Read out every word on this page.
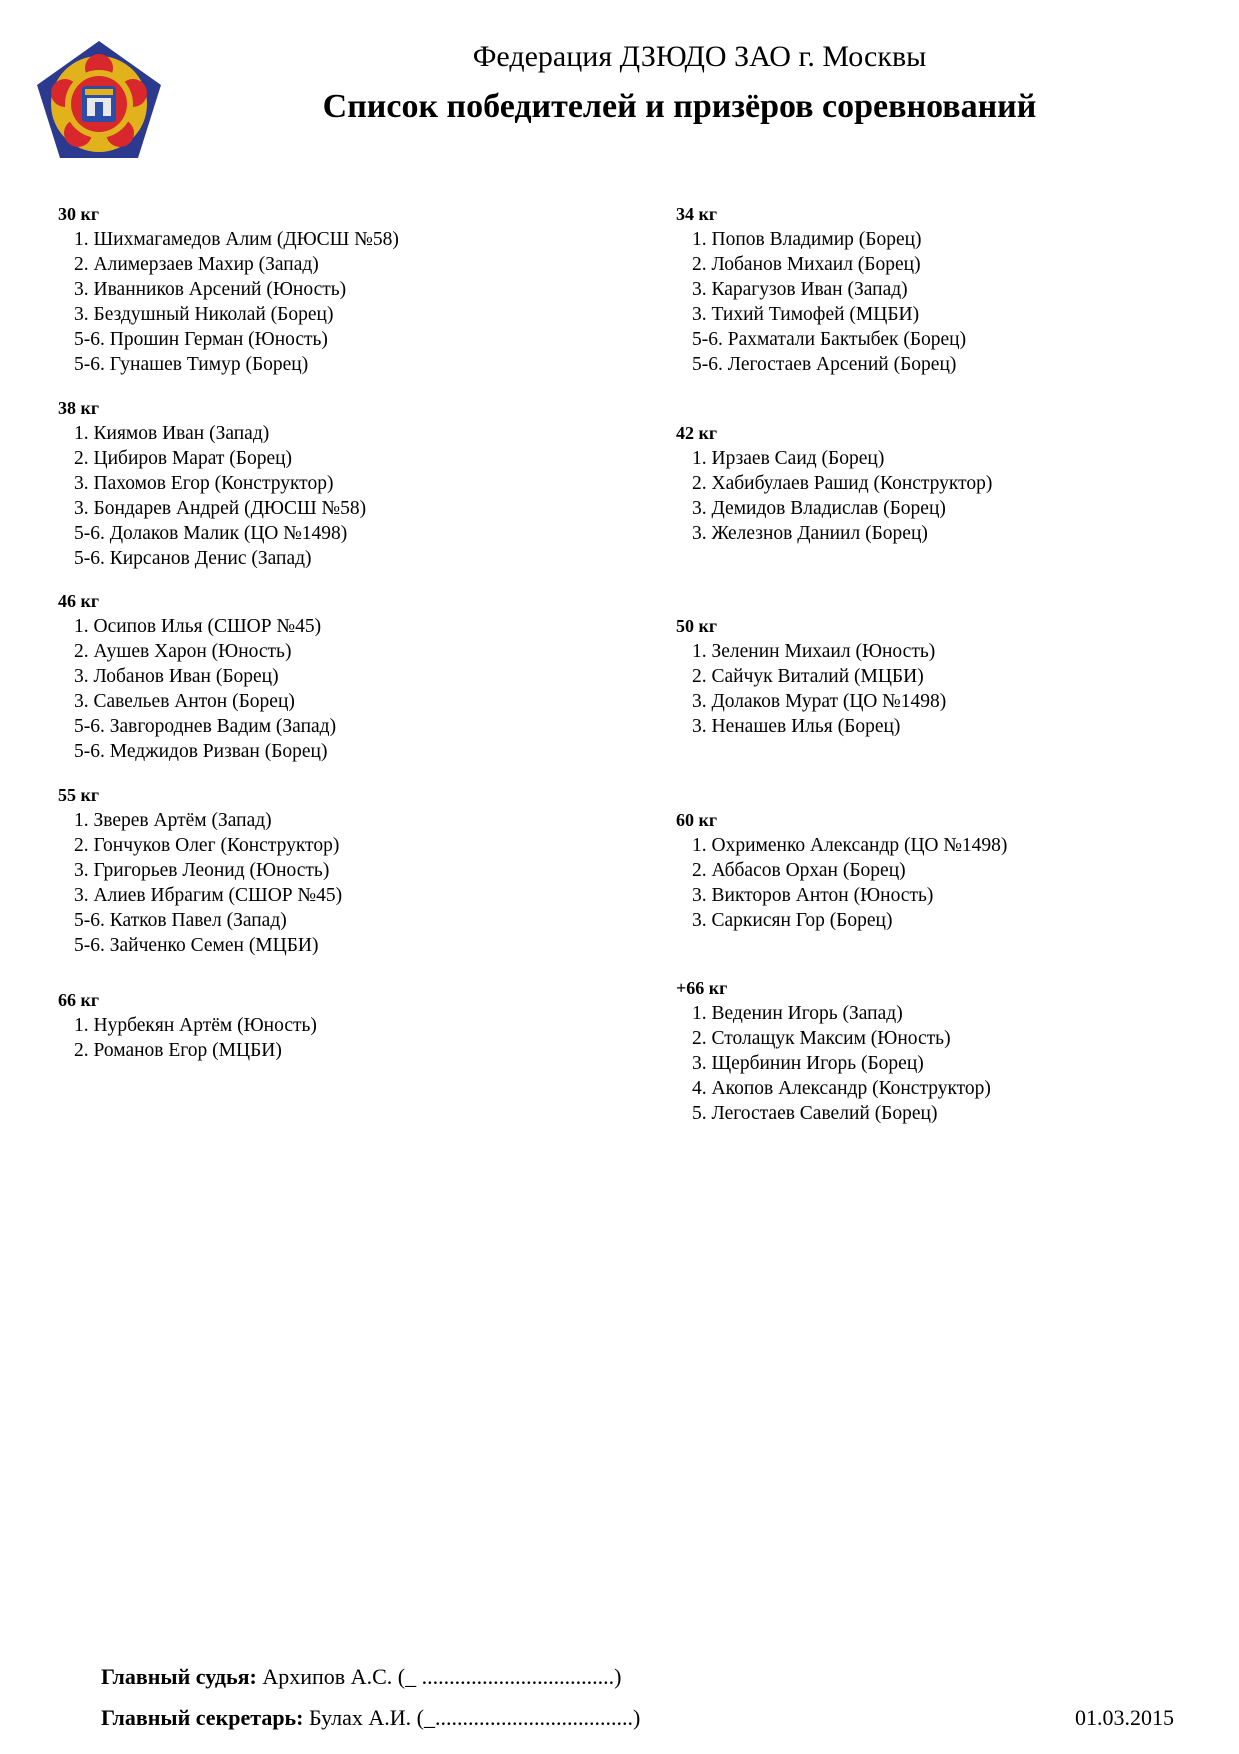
Федерация ДЗЮДО ЗАО г. Москвы
Список победителей и призёров соревнований
30 кг
1. Шихмагамедов Алим (ДЮСШ №58)
2. Алимерзаев Махир (Запад)
3. Иванников Арсений (Юность)
3. Бездушный Николай (Борец)
5-6. Прошин Герман (Юность)
5-6. Гунашев Тимур (Борец)
38 кг
1. Киямов Иван (Запад)
2. Цибиров Марат (Борец)
3. Пахомов Егор (Конструктор)
3. Бондарев Андрей (ДЮСШ №58)
5-6. Долаков Малик (ЦО №1498)
5-6. Кирсанов Денис (Запад)
46 кг
1. Осипов Илья (СШОР №45)
2. Аушев Харон (Юность)
3. Лобанов Иван (Борец)
3. Савельев Антон (Борец)
5-6. Завгороднев Вадим (Запад)
5-6. Меджидов Ризван (Борец)
55 кг
1. Зверев Артём (Запад)
2. Гончуков Олег (Конструктор)
3. Григорьев Леонид (Юность)
3. Алиев Ибрагим (СШОР №45)
5-6. Катков Павел (Запад)
5-6. Зайченко Семен (МЦБИ)
66 кг
1. Нурбекян Артём (Юность)
2. Романов Егор (МЦБИ)
34 кг
1. Попов Владимир (Борец)
2. Лобанов Михаил (Борец)
3. Карагузов Иван (Запад)
3. Тихий Тимофей (МЦБИ)
5-6. Рахматали Бактыбек (Борец)
5-6. Легостаев Арсений (Борец)
42 кг
1. Ирзаев Саид (Борец)
2. Хабибулаев Рашид (Конструктор)
3. Демидов Владислав (Борец)
3. Железнов Даниил (Борец)
50 кг
1. Зеленин Михаил (Юность)
2. Сайчук Виталий (МЦБИ)
3. Долаков Мурат (ЦО №1498)
3. Ненашев Илья (Борец)
60 кг
1. Охрименко Александр (ЦО №1498)
2. Аббасов Орхан (Борец)
3. Викторов Антон (Юность)
3. Саркисян Гор (Борец)
+66 кг
1. Веденин Игорь (Запад)
2. Столащук Максим (Юность)
3. Щербинин Игорь (Борец)
4. Акопов Александр (Конструктор)
5. Легостаев Савелий (Борец)
Главный судья: Архипов А.С. (_ ...................................)
Главный секретарь: Булах А.И. (_....................................)	01.03.2015
